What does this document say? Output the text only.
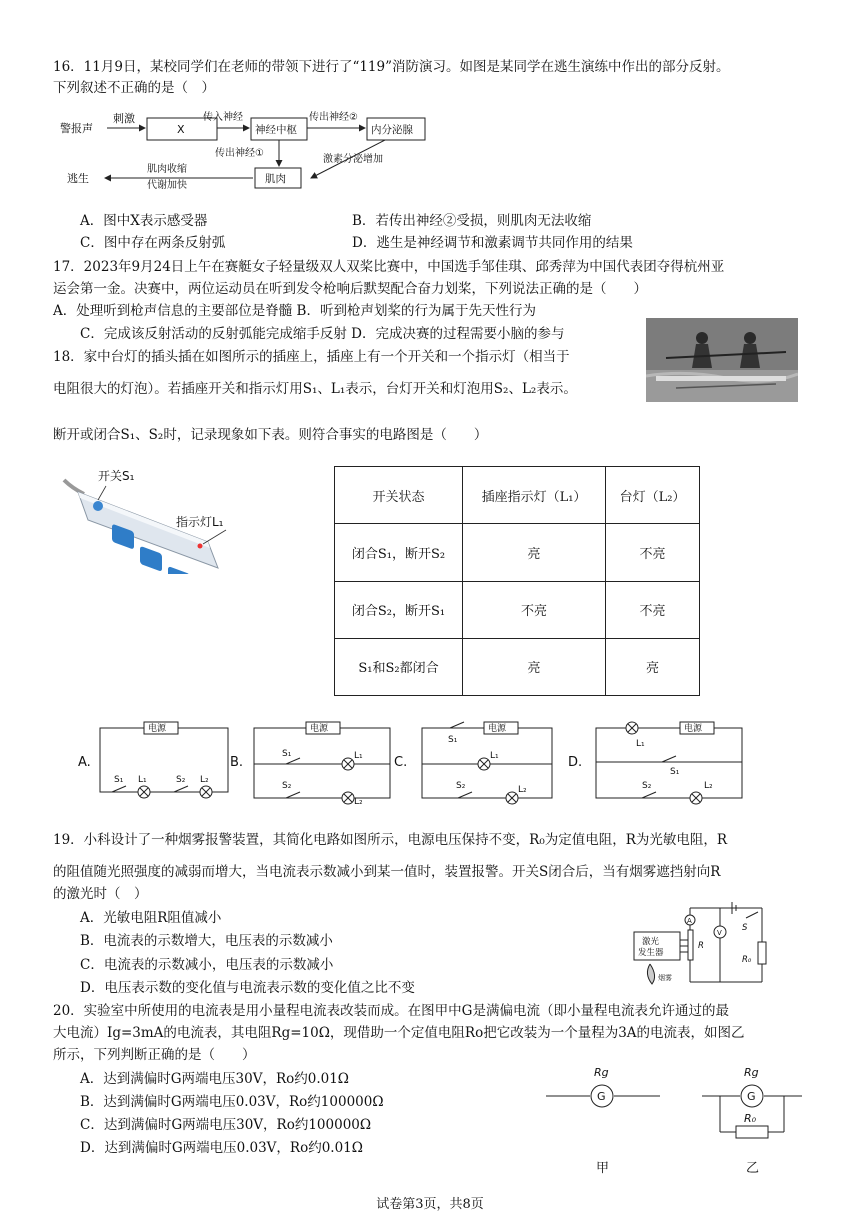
16．11月9日，某校同学们在老师的带领下进行了“119”消防演习。如图是某同学在逃生演练中作出的部分反射。
下列叙述不正确的是（　）
警报声
刺激
X
传入神经
神经中枢
传出神经②
内分泌腺
传出神经①
激素分泌增加
肌肉
肌肉收缩
代谢加快
逃生
A．图中X表示感受器	B．若传出神经②受损，则肌肉无法收缩
C．图中存在两条反射弧	D．逃生是神经调节和激素调节共同作用的结果
17．2023年9月24日上午在赛艇女子轻量级双人双桨比赛中，中国选手邹佳琪、邱秀萍为中国代表团夺得杭州亚
运会第一金。决赛中，两位运动员在听到发令枪响后默契配合奋力划桨，下列说法正确的是（　　）
A．处理听到枪声信息的主要部位是脊髓 B．听到枪声划桨的行为属于先天性行为
C．完成该反射活动的反射弧能完成缩手反射 D．完成决赛的过程需要小脑的参与
18．家中台灯的插头插在如图所示的插座上，插座上有一个开关和一个指示灯（相当于
电阻很大的灯泡）。若插座开关和指示灯用S₁、L₁表示，台灯开关和灯泡用S₂、L₂表示。
断开或闭合S₁、S₂时，记录现象如下表。则符合事实的电路图是（　　）
开关S₁
指示灯L₁
开关状态	插座指示灯（L₁）	台灯（L₂）
闭合S₁，断开S₂	亮	不亮
闭合S₂，断开S₁	不亮	不亮
S₁和S₂都闭合	亮	亮
A.
电源
S₁ L₁	S₂ L₂
B.
电源
S₁	L₁
S₂
L₂
C.
电源
S₁
L₁
S₂	L₂
D.
电源
L₁
S₁
S₂	L₂
19．小科设计了一种烟雾报警装置，其简化电路如图所示，电源电压保持不变，R₀为定值电阻，R为光敏电阻，R
的阻值随光照强度的减弱而增大，当电流表示数减小到某一值时，装置报警。开关S闭合后，当有烟雾遮挡射向R
的激光时（　）
A．光敏电阻R阻值减小
B．电流表的示数增大，电压表的示数减小
C．电流表的示数减小，电压表的示数减小
D．电压表示数的变化值与电流表示数的变化值之比不变
激光
发生器
R
烟雾
A
V S
R₀
20．实验室中所使用的电流表是用小量程电流表改装而成。在图甲中G是满偏电流（即小量程电流表允许通过的最
大电流）Ig=3mA的电流表，其电阻Rg=10Ω，现借助一个定值电阻Ro把它改装为一个量程为3A的电流表，如图乙
所示，下列判断正确的是（　　）
A．达到满偏时G两端电压30V，Ro约0.01Ω
B．达到满偏时G两端电压0.03V，Ro约100000Ω
C．达到满偏时G两端电压30V，Ro约100000Ω
D．达到满偏时G两端电压0.03V，Ro约0.01Ω
G
Rg
甲
G
Rg
R₀
乙
试卷第3页，共8页
